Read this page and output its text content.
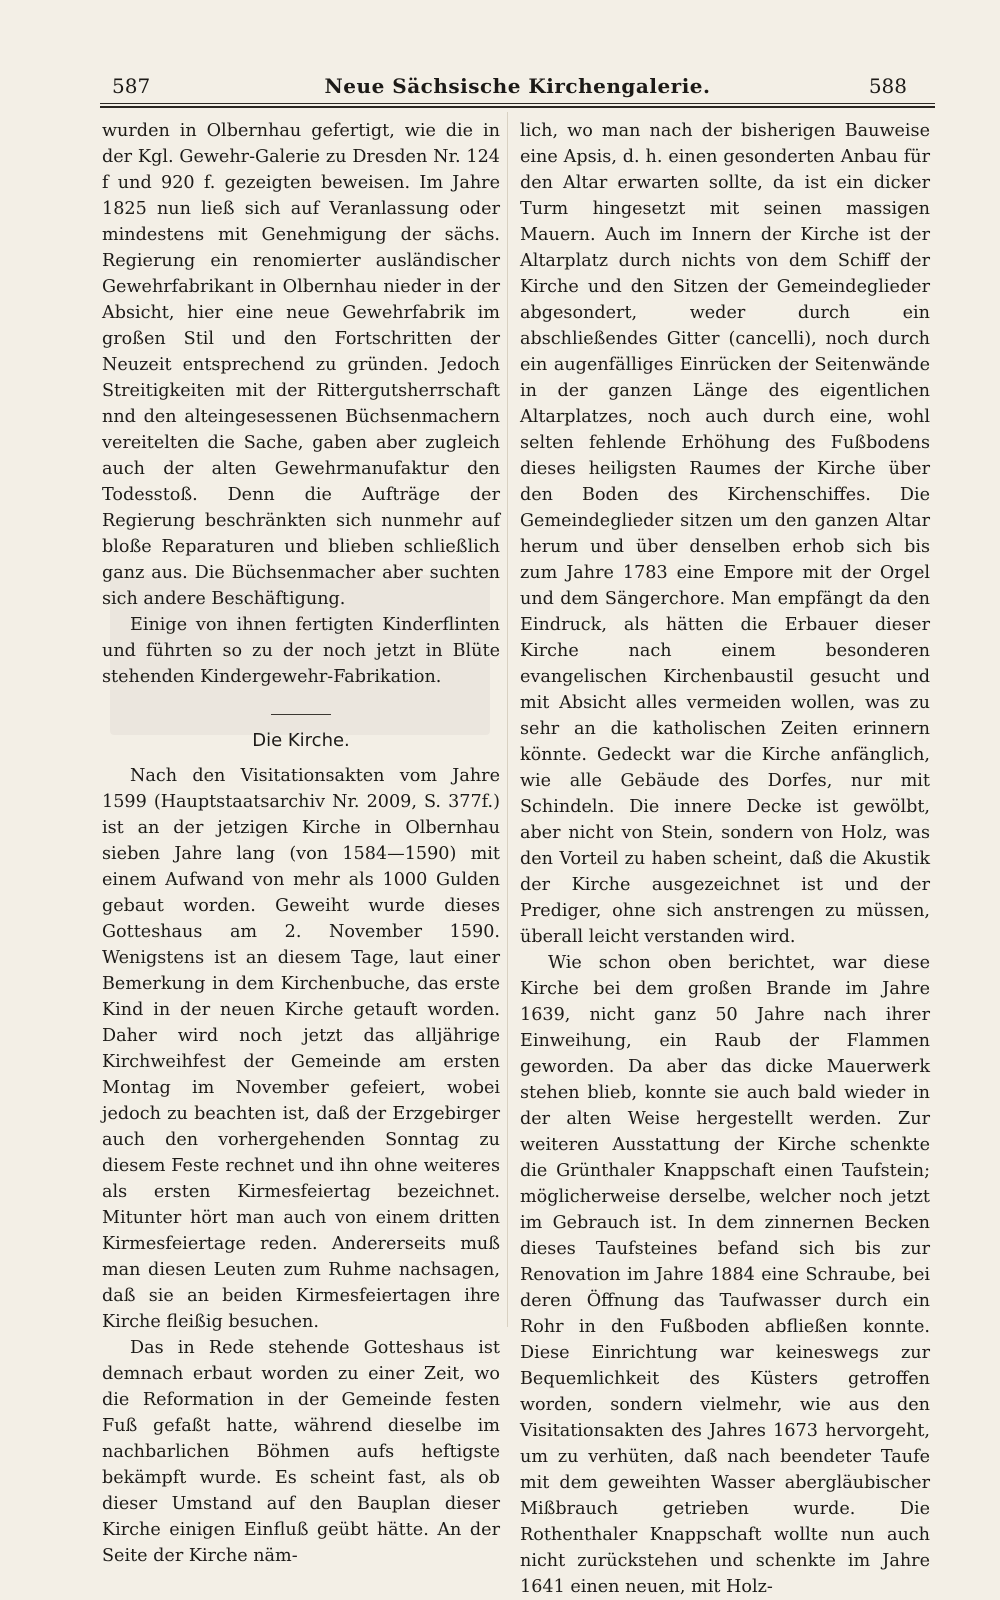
587	Neue Sächsische Kirchengalerie.	588

wurden in Olbernhau gefertigt, wie die in der Kgl. Gewehr-Galerie zu Dresden Nr. 124 f und 920 f. gezeigten beweisen. Im Jahre 1825 nun ließ sich auf Veranlassung oder mindestens mit Genehmigung der sächs. Regierung ein renomierter ausländischer Gewehrfabrikant in Olbernhau nieder in der Absicht, hier eine neue Gewehrfabrik im großen Stil und den Fortschritten der Neuzeit entsprechend zu gründen. Jedoch Streitigkeiten mit der Rittergutsherrschaft nnd den alteingesessenen Büchsenmachern vereitelten die Sache, gaben aber zugleich auch der alten Gewehrmanufaktur den Todesstoß. Denn die Aufträge der Regierung beschränkten sich nunmehr auf bloße Reparaturen und blieben schließlich ganz aus. Die Büchsenmacher aber suchten sich andere Beschäftigung.

Einige von ihnen fertigten Kinderflinten und führten so zu der noch jetzt in Blüte stehenden Kindergewehr-Fabrikation.

Die Kirche.

Nach den Visitationsakten vom Jahre 1599 (Hauptstaatsarchiv Nr. 2009, S. 377f.) ist an der jetzigen Kirche in Olbernhau sieben Jahre lang (von 1584—1590) mit einem Aufwand von mehr als 1000 Gulden gebaut worden. Geweiht wurde dieses Gotteshaus am 2. November 1590. Wenigstens ist an diesem Tage, laut einer Bemerkung in dem Kirchenbuche, das erste Kind in der neuen Kirche getauft worden. Daher wird noch jetzt das alljährige Kirchweihfest der Gemeinde am ersten Montag im November gefeiert, wobei jedoch zu beachten ist, daß der Erzgebirger auch den vorhergehenden Sonntag zu diesem Feste rechnet und ihn ohne weiteres als ersten Kirmesfeiertag bezeichnet. Mitunter hört man auch von einem dritten Kirmesfeiertage reden. Andererseits muß man diesen Leuten zum Ruhme nachsagen, daß sie an beiden Kirmesfeiertagen ihre Kirche fleißig besuchen.

Das in Rede stehende Gotteshaus ist demnach erbaut worden zu einer Zeit, wo die Reformation in der Gemeinde festen Fuß gefaßt hatte, während dieselbe im nachbarlichen Böhmen aufs heftigste bekämpft wurde. Es scheint fast, als ob dieser Umstand auf den Bauplan dieser Kirche einigen Einfluß geübt hätte. An der Seite der Kirche näm-

lich, wo man nach der bisherigen Bauweise eine Apsis, d. h. einen gesonderten Anbau für den Altar erwarten sollte, da ist ein dicker Turm hingesetzt mit seinen massigen Mauern. Auch im Innern der Kirche ist der Altarplatz durch nichts von dem Schiff der Kirche und den Sitzen der Gemeindeglieder abgesondert, weder durch ein abschließendes Gitter (cancelli), noch durch ein augenfälliges Einrücken der Seitenwände in der ganzen Länge des eigentlichen Altarplatzes, noch auch durch eine, wohl selten fehlende Erhöhung des Fußbodens dieses heiligsten Raumes der Kirche über den Boden des Kirchenschiffes. Die Gemeindeglieder sitzen um den ganzen Altar herum und über denselben erhob sich bis zum Jahre 1783 eine Empore mit der Orgel und dem Sängerchore. Man empfängt da den Eindruck, als hätten die Erbauer dieser Kirche nach einem besonderen evangelischen Kirchenbaustil gesucht und mit Absicht alles vermeiden wollen, was zu sehr an die katholischen Zeiten erinnern könnte. Gedeckt war die Kirche anfänglich, wie alle Gebäude des Dorfes, nur mit Schindeln. Die innere Decke ist gewölbt, aber nicht von Stein, sondern von Holz, was den Vorteil zu haben scheint, daß die Akustik der Kirche ausgezeichnet ist und der Prediger, ohne sich anstrengen zu müssen, überall leicht verstanden wird.

Wie schon oben berichtet, war diese Kirche bei dem großen Brande im Jahre 1639, nicht ganz 50 Jahre nach ihrer Einweihung, ein Raub der Flammen geworden. Da aber das dicke Mauerwerk stehen blieb, konnte sie auch bald wieder in der alten Weise hergestellt werden. Zur weiteren Ausstattung der Kirche schenkte die Grünthaler Knappschaft einen Taufstein; möglicherweise derselbe, welcher noch jetzt im Gebrauch ist. In dem zinnernen Becken dieses Taufsteines befand sich bis zur Renovation im Jahre 1884 eine Schraube, bei deren Öffnung das Taufwasser durch ein Rohr in den Fußboden abfließen konnte. Diese Einrichtung war keineswegs zur Bequemlichkeit des Küsters getroffen worden, sondern vielmehr, wie aus den Visitationsakten des Jahres 1673 hervorgeht, um zu verhüten, daß nach beendeter Taufe mit dem geweihten Wasser abergläubischer Mißbrauch getrieben wurde. Die Rothenthaler Knappschaft wollte nun auch nicht zurückstehen und schenkte im Jahre 1641 einen neuen, mit Holz-
